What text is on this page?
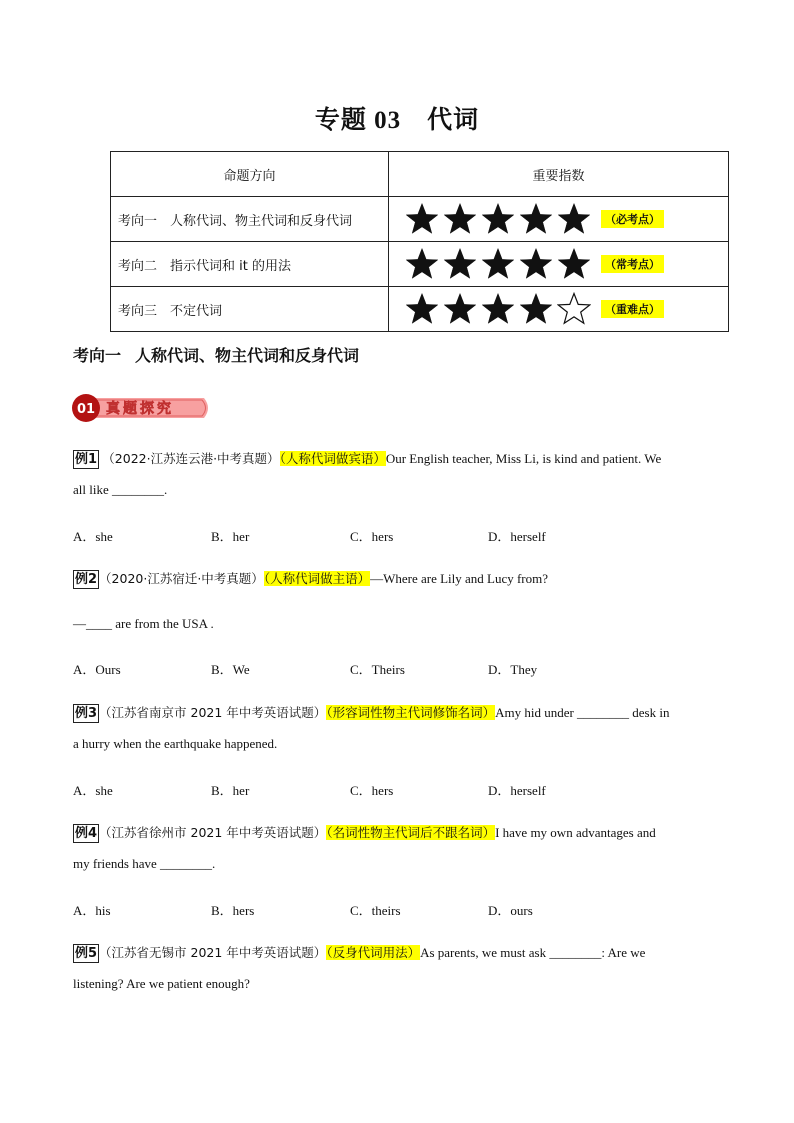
专题 03 代词
命题方向	重要指数
考向一　人称代词、物主代词和反身代词	（必考点）
考向二　指示代词和 it 的用法	（常考点）
考向三　不定代词	（重难点）
考向一 人称代词、物主代词和反身代词
01 真题探究
例1 （2022·江苏连云港·中考真题）（人称代词做宾语）Our English teacher, Miss Li, is kind and patient. We
all like ________.
A．she	B．her	C．hers	D．herself
例2 （2020·江苏宿迁·中考真题）（人称代词做主语）—Where are Lily and Lucy from?
—____ are from the USA .
A．Ours	B．We	C．Theirs	D．They
例3 （江苏省南京市 2021 年中考英语试题）（形容词性物主代词修饰名词）Amy hid under ________ desk in
a hurry when the earthquake happened.
A．she	B．her	C．hers	D．herself
例4 （江苏省徐州市 2021 年中考英语试题）（名词性物主代词后不跟名词）I have my own advantages and
my friends have ________.
A．his	B．hers	C．theirs	D．ours
例5 （江苏省无锡市 2021 年中考英语试题）（反身代词用法）As parents, we must ask ________: Are we
listening? Are we patient enough?
